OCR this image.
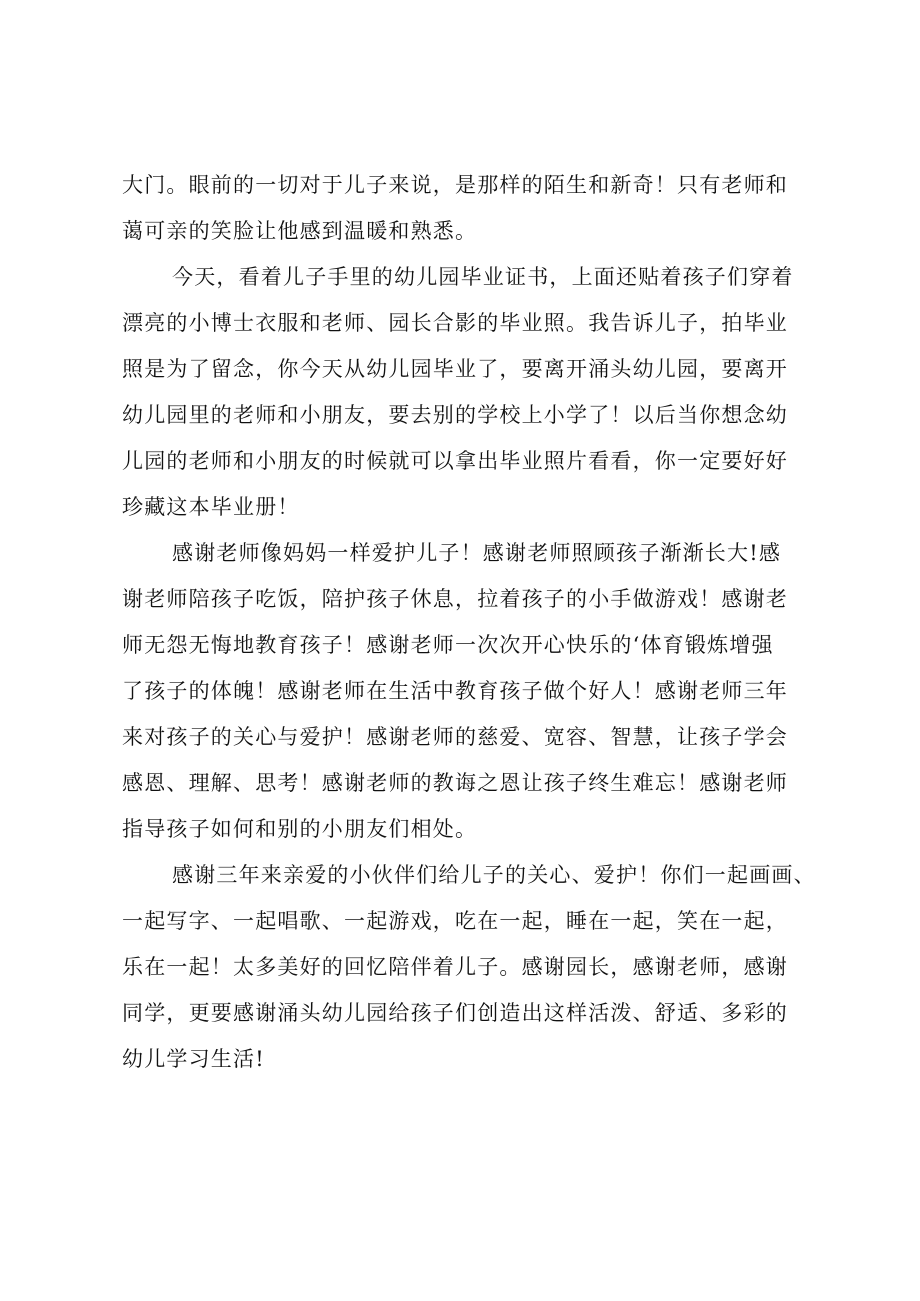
大门。眼前的一切对于儿子来说，是那样的陌生和新奇！只有老师和
蔼可亲的笑脸让他感到温暖和熟悉。
今天，看着儿子手里的幼儿园毕业证书，上面还贴着孩子们穿着
漂亮的小博士衣服和老师、园长合影的毕业照。我告诉儿子，拍毕业
照是为了留念，你今天从幼儿园毕业了，要离开涌头幼儿园，要离开
幼儿园里的老师和小朋友，要去别的学校上小学了！以后当你想念幼
儿园的老师和小朋友的时候就可以拿出毕业照片看看，你一定要好好
珍藏这本毕业册！
感谢老师像妈妈一样爱护儿子！感谢老师照顾孩子渐渐长大!感
谢老师陪孩子吃饭，陪护孩子休息，拉着孩子的小手做游戏！感谢老
师无怨无悔地教育孩子！感谢老师一次次开心快乐的‘体育锻炼增强
了孩子的体魄！感谢老师在生活中教育孩子做个好人！感谢老师三年
来对孩子的关心与爱护！感谢老师的慈爱、宽容、智慧，让孩子学会
感恩、理解、思考！感谢老师的教诲之恩让孩子终生难忘！感谢老师
指导孩子如何和别的小朋友们相处。
感谢三年来亲爱的小伙伴们给儿子的关心、爱护！你们一起画画、
一起写字、一起唱歌、一起游戏，吃在一起，睡在一起，笑在一起，
乐在一起！太多美好的回忆陪伴着儿子。感谢园长，感谢老师，感谢
同学，更要感谢涌头幼儿园给孩子们创造出这样活泼、舒适、多彩的
幼儿学习生活!
